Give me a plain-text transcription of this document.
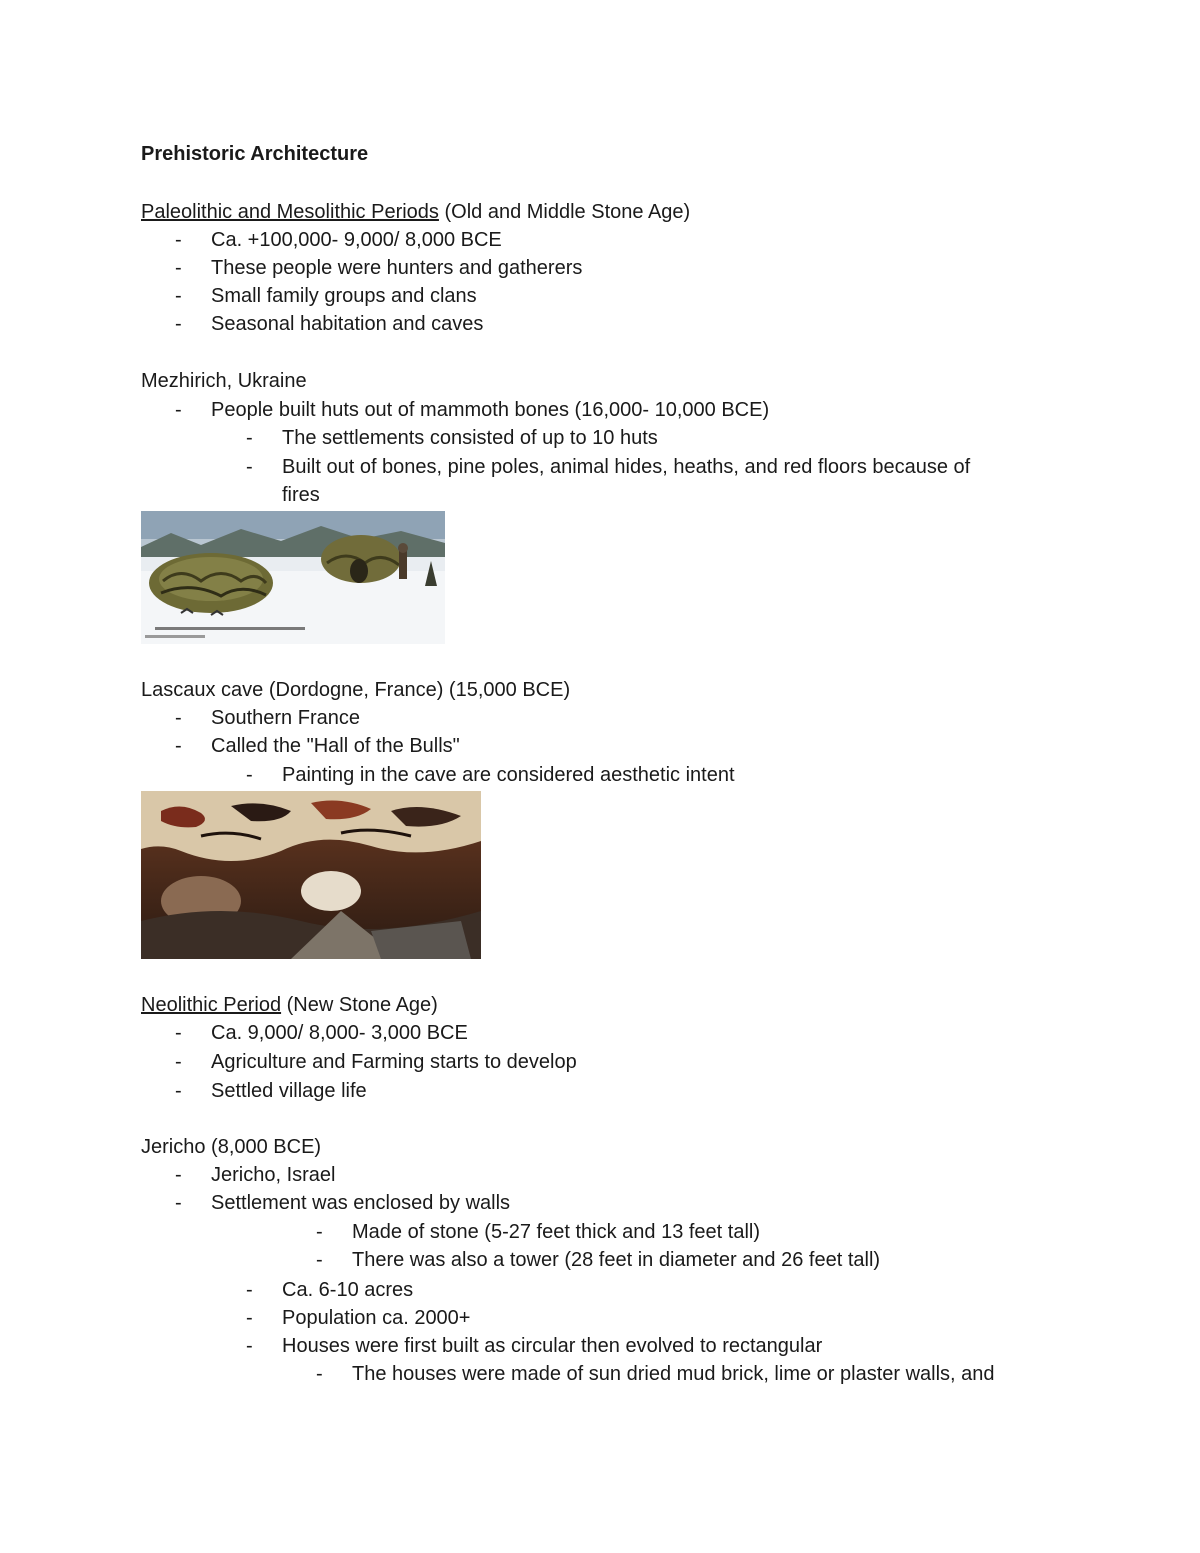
Prehistoric Architecture
Paleolithic and Mesolithic Periods (Old and Middle Stone Age)
- Ca. +100,000- 9,000/ 8,000 BCE
- These people were hunters and gatherers
- Small family groups and clans
- Seasonal habitation and caves
Mezhirich, Ukraine
- People built huts out of mammoth bones (16,000- 10,000 BCE)
- The settlements consisted of up to 10 huts
- Built out of bones, pine poles, animal hides, heaths, and red floors because of
fires
Lascaux cave (Dordogne, France) (15,000 BCE)
- Southern France
- Called the "Hall of the Bulls"
- Painting in the cave are considered aesthetic intent
Neolithic Period (New Stone Age)
- Ca. 9,000/ 8,000- 3,000 BCE
- Agriculture and Farming starts to develop
- Settled village life
Jericho (8,000 BCE)
- Jericho, Israel
- Settlement was enclosed by walls
- Made of stone (5-27 feet thick and 13 feet tall)
- There was also a tower (28 feet in diameter and 26 feet tall)
- Ca. 6-10 acres
- Population ca. 2000+
- Houses were first built as circular then evolved to rectangular
- The houses were made of sun dried mud brick, lime or plaster walls, and
